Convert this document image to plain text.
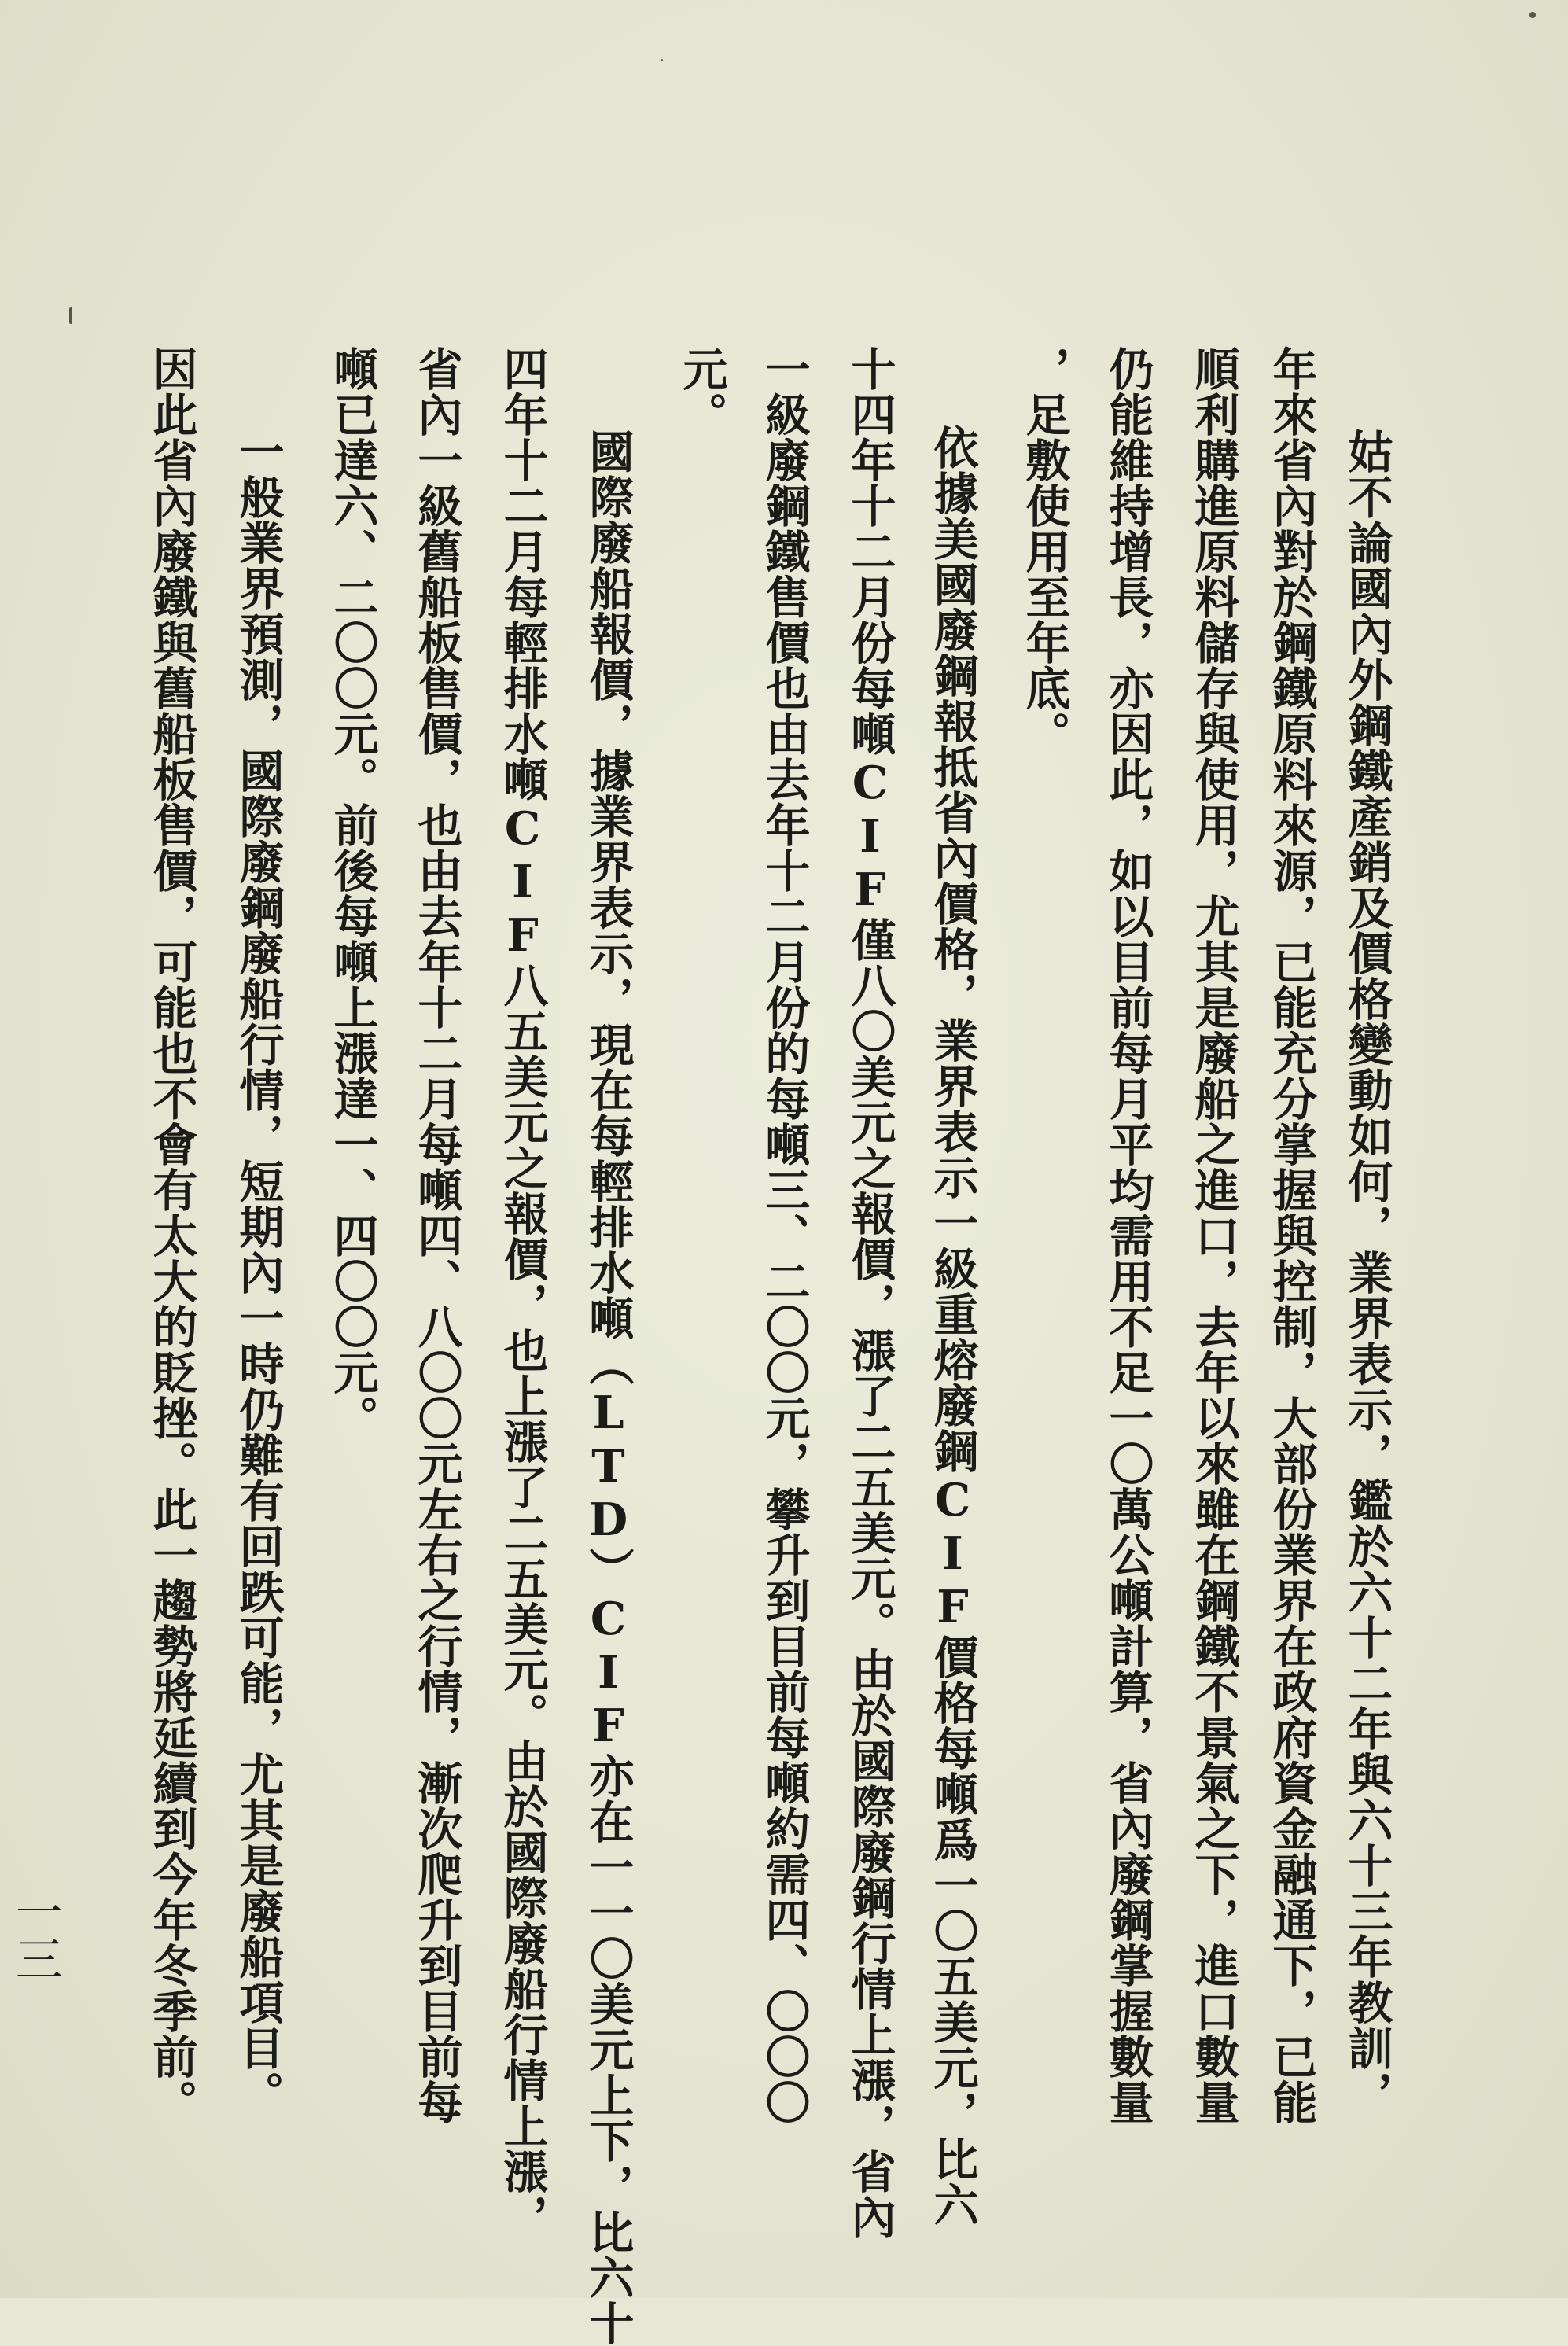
姑不論國內外鋼鐵產銷及價格變動如何，業界表示，鑑於六十二年與六十三年教訓，
年來省內對於鋼鐵原料來源，已能充分掌握與控制，大部份業界在政府資金融通下，已能
順利購進原料儲存與使用，尤其是廢船之進口，去年以來雖在鋼鐵不景氣之下，進口數量
仍能維持增長，亦因此，如以目前每月平均需用不足一〇萬公噸計算，省內廢鋼掌握數量
，足敷使用至年底。
依據美國廢鋼報抵省內價格，業界表示一級重熔廢鋼CIF價格每噸爲一〇五美元，比六
十四年十二月份每噸CIF僅八〇美元之報價，漲了二五美元。由於國際廢鋼行情上漲，省內
一級廢鋼鐵售價也由去年十二月份的每噸三、二〇〇元，攀升到目前每噸約需四、〇〇〇
元。
國際廢船報價，據業界表示，現在每輕排水噸（LTD）CIF亦在一一〇美元上下，比六十
四年十二月每輕排水噸CIF八五美元之報價，也上漲了二五美元。由於國際廢船行情上漲，
省內一級舊船板售價，也由去年十二月每噸四、八〇〇元左右之行情，漸次爬升到目前每
噸已達六、二〇〇元。前後每噸上漲達一、四〇〇元。
一般業界預測，國際廢鋼廢船行情，短期內一時仍難有回跌可能，尤其是廢船項目。
因此省內廢鐵與舊船板售價，可能也不會有太大的貶挫。此一趨勢將延續到今年冬季前。
一三
